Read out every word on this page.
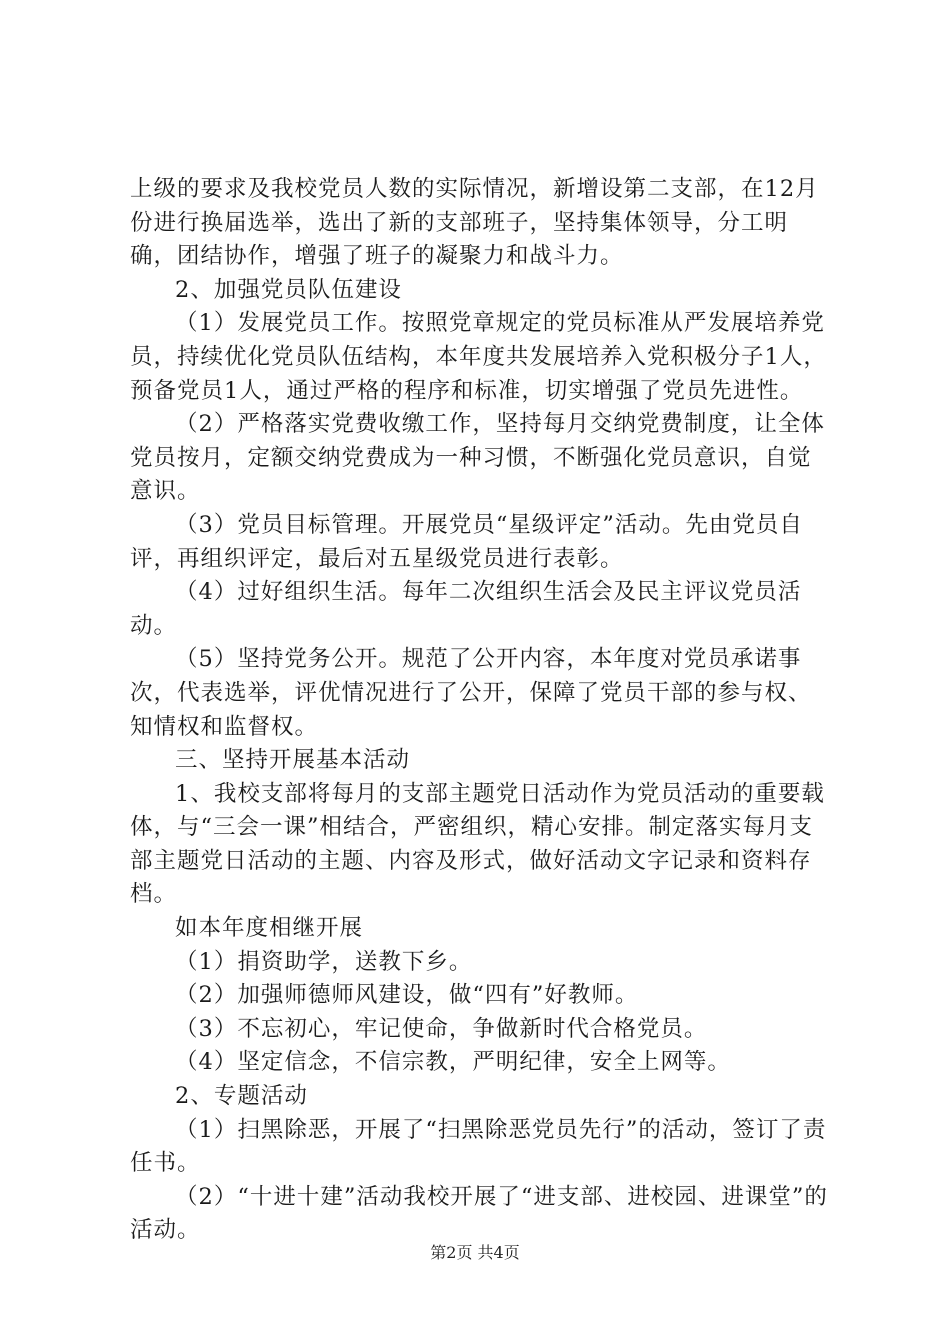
上级的要求及我校党员人数的实际情况，新增设第二支部，在12月份进行换届选举，选出了新的支部班子，坚持集体领导，分工明确，团结协作，增强了班子的凝聚力和战斗力。

2、加强党员队伍建设

（1）发展党员工作。按照党章规定的党员标准从严发展培养党员，持续优化党员队伍结构，本年度共发展培养入党积极分子1人，预备党员1人，通过严格的程序和标准，切实增强了党员先进性。

（2）严格落实党费收缴工作，坚持每月交纳党费制度，让全体党员按月，定额交纳党费成为一种习惯，不断强化党员意识，自觉意识。

（3）党员目标管理。开展党员“星级评定”活动。先由党员自评，再组织评定，最后对五星级党员进行表彰。

（4）过好组织生活。每年二次组织生活会及民主评议党员活动。

（5）坚持党务公开。规范了公开内容，本年度对党员承诺事次，代表选举，评优情况进行了公开，保障了党员干部的参与权、知情权和监督权。

三、坚持开展基本活动

1、我校支部将每月的支部主题党日活动作为党员活动的重要载体，与“三会一课”相结合，严密组织，精心安排。制定落实每月支部主题党日活动的主题、内容及形式，做好活动文字记录和资料存档。

如本年度相继开展

（1）捐资助学，送教下乡。

（2）加强师德师风建设，做“四有”好教师。

（3）不忘初心，牢记使命，争做新时代合格党员。

（4）坚定信念，不信宗教，严明纪律，安全上网等。

2、专题活动

（1）扫黑除恶，开展了“扫黑除恶党员先行”的活动，签订了责任书。

（2）“十进十建”活动我校开展了“进支部、进校园、进课堂”的活动。

第2页 共4页
